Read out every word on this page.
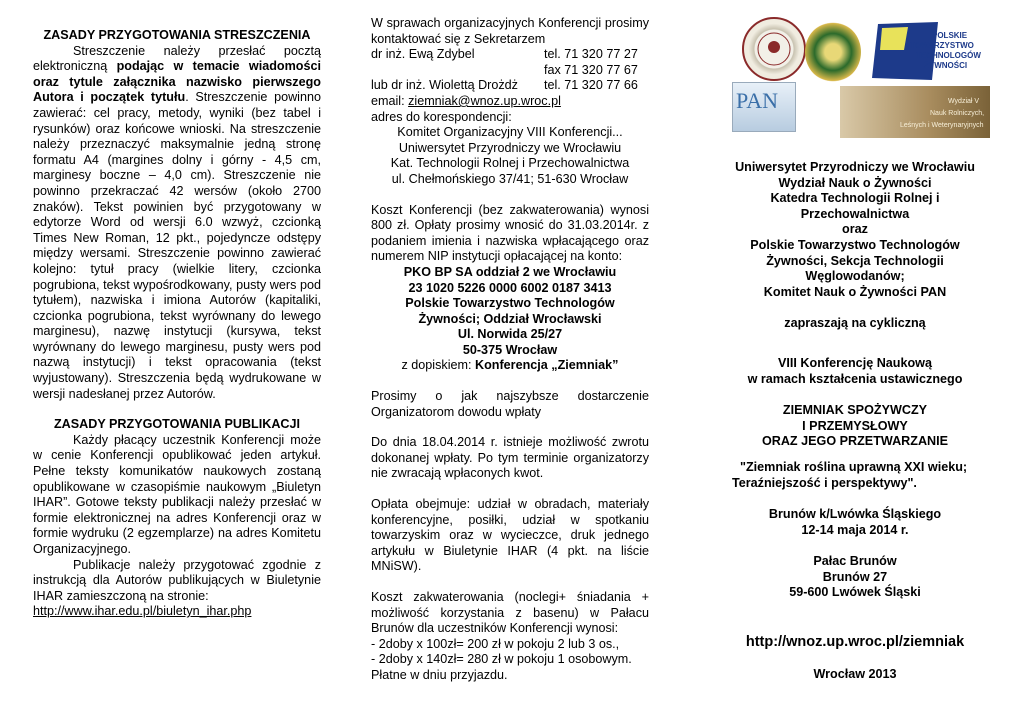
ZASADY PRZYGOTOWANIA STRESZCZENIA

Streszczenie należy przesłać pocztą elektroniczną podając w temacie wiadomości oraz tytule załącznika nazwisko pierwszego Autora i początek tytułu. Streszczenie powinno zawierać: cel pracy, metody, wyniki (bez tabel i rysunków) oraz końcowe wnioski. Na streszczenie należy przeznaczyć maksymalnie jedną stronę formatu A4 (margines dolny i górny - 4,5 cm, marginesy boczne – 4,0 cm). Streszczenie nie powinno przekraczać 42 wersów (około 2700 znaków). Tekst powinien być przygotowany w edytorze Word od wersji 6.0 wzwyż, czcionką Times New Roman, 12 pkt., pojedyncze odstępy między wersami. Streszczenie powinno zawierać kolejno: tytuł pracy (wielkie litery, czcionka pogrubiona, tekst wypośrodkowany, pusty wers pod tytułem), nazwiska i imiona Autorów (kapitaliki, czcionka pogrubiona, tekst wyrównany do lewego marginesu), nazwę instytucji (kursywa, tekst wyrównany do lewego marginesu, pusty wers pod nazwą instytucji) i tekst opracowania (tekst wyjustowany). Streszczenia będą wydrukowane w wersji nadesłanej przez Autorów.

ZASADY PRZYGOTOWANIA PUBLIKACJI

Każdy płacący uczestnik Konferencji może w cenie Konferencji opublikować jeden artykuł. Pełne teksty komunikatów naukowych zostaną opublikowane w czasopiśmie naukowym „Biuletyn IHAR”. Gotowe teksty publikacji należy przesłać w formie elektronicznej na adres Konferencji oraz w formie wydruku (2 egzemplarze) na adres Komitetu Organizacyjnego.

Publikacje należy przygotować zgodnie z instrukcją dla Autorów publikujących w Biuletynie IHAR zamieszczoną na stronie:

http://www.ihar.edu.pl/biuletyn_ihar.php

W sprawach organizacyjnych Konferencji prosimy kontaktować się z Sekretarzem

dr inż. Ewą Zdybel	tel. 71 320 77 27
fax 71 320 77 67
lub dr inż. Wiolettą Drożdż	tel. 71 320 77 66

email: ziemniak@wnoz.up.wroc.pl

adres do korespondencji:

Komitet Organizacyjny VIII Konferencji...

Uniwersytet Przyrodniczy we Wrocławiu

Kat. Technologii Rolnej i Przechowalnictwa

ul. Chełmońskiego 37/41; 51-630 Wrocław

Koszt Konferencji (bez zakwaterowania) wynosi 800 zł. Opłaty prosimy wnosić do 31.03.2014r. z podaniem imienia i nazwiska wpłacającego oraz numerem NIP instytucji opłacającej na konto:

PKO BP SA oddział 2 we Wrocławiu

23 1020 5226 0000 6002 0187 3413

Polskie Towarzystwo Technologów

Żywności; Oddział Wrocławski

Ul. Norwida 25/27

50-375 Wrocław

z dopiskiem: Konferencja „Ziemniak”

Prosimy o jak najszybsze dostarczenie Organizatorom dowodu wpłaty

Do dnia 18.04.2014 r. istnieje możliwość zwrotu dokonanej wpłaty. Po tym terminie organizatorzy nie zwracają wpłaconych kwot.

Opłata obejmuje: udział w obradach, materiały konferencyjne, posiłki, udział w spotkaniu towarzyskim oraz w wycieczce, druk jednego artykułu w Biuletynie IHAR (4 pkt. na liście MNiSW).

Koszt zakwaterowania (noclegi+ śniadania + możliwość korzystania z basenu) w Pałacu Brunów dla uczestników Konferencji wynosi:

- 2doby x 100zł= 200 zł w pokoju 2 lub 3 os.,

- 2doby x 140zł= 280 zł w pokoju 1 osobowym.

Płatne w dniu przyjazdu.

POLSKIE
TOWARZYSTWO
TECHNOLOGÓW
ŻYWNOŚCI
PAN	Wydział V
Nauk Rolniczych,
Leśnych i Weterynaryjnych

Uniwersytet Przyrodniczy we Wrocławiu

Wydział Nauk o Żywności

Katedra Technologii Rolnej i

Przechowalnictwa

oraz

Polskie Towarzystwo Technologów

Żywności, Sekcja Technologii

Węglowodanów;

Komitet Nauk o Żywności PAN

zapraszają na cykliczną

VIII Konferencję Naukową

w ramach kształcenia ustawicznego

ZIEMNIAK SPOŻYWCZY

I PRZEMYSŁOWY

ORAZ JEGO PRZETWARZANIE

"Ziemniak roślina uprawną XXI wieku;

Teraźniejszość i perspektywy".

Brunów k/Lwówka Śląskiego

12-14 maja 2014 r.

Pałac Brunów

Brunów 27

59-600 Lwówek Śląski

http://wnoz.up.wroc.pl/ziemniak

Wrocław 2013
